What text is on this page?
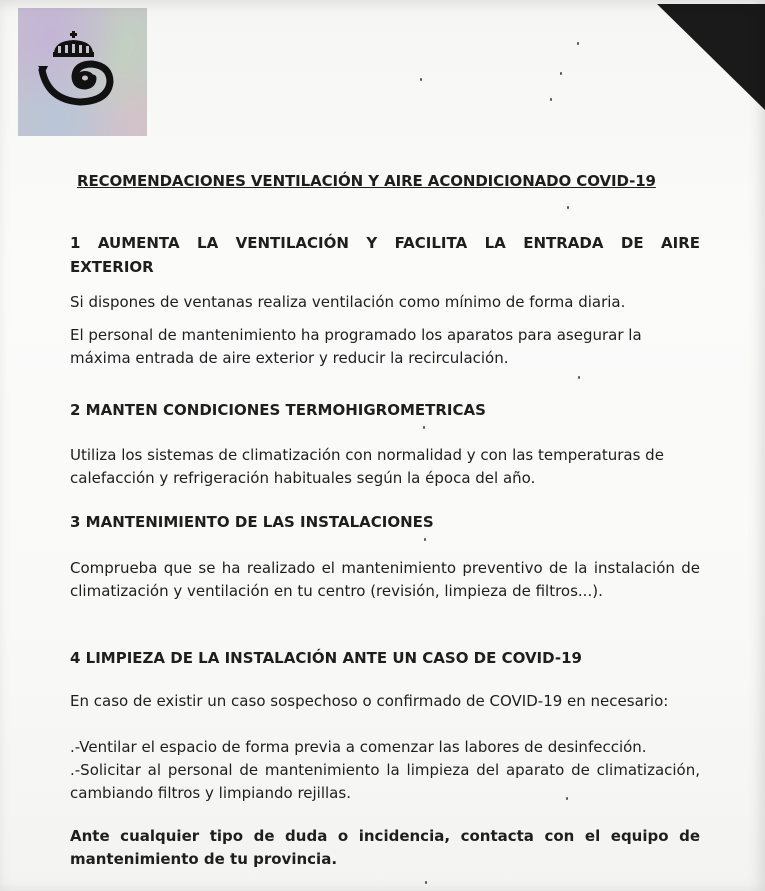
RECOMENDACIONES VENTILACIÓN Y AIRE ACONDICIONADO COVID-19
1 AUMENTA LA VENTILACIÓN Y FACILITA LA ENTRADA DE AIRE
EXTERIOR

Si dispones de ventanas realiza ventilación como mínimo de forma diaria.

El personal de mantenimiento ha programado los aparatos para asegurar la máxima entrada de aire exterior y reducir la recirculación.

2 MANTEN CONDICIONES TERMOHIGROMETRICAS

Utiliza los sistemas de climatización con normalidad y con las temperaturas de calefacción y refrigeración habituales según la época del año.

3 MANTENIMIENTO DE LAS INSTALACIONES

Comprueba que se ha realizado el mantenimiento preventivo de la instalación de climatización y ventilación en tu centro (revisión, limpieza de filtros...).

4 LIMPIEZA DE LA INSTALACIÓN ANTE UN CASO DE COVID-19

En caso de existir un caso sospechoso o confirmado de COVID-19 en necesario:

.-Ventilar el espacio de forma previa a comenzar las labores de desinfección.

.-Solicitar al personal de mantenimiento la limpieza del aparato de climatización, cambiando filtros y limpiando rejillas.

Ante cualquier tipo de duda o incidencia, contacta con el equipo de mantenimiento de tu provincia.
